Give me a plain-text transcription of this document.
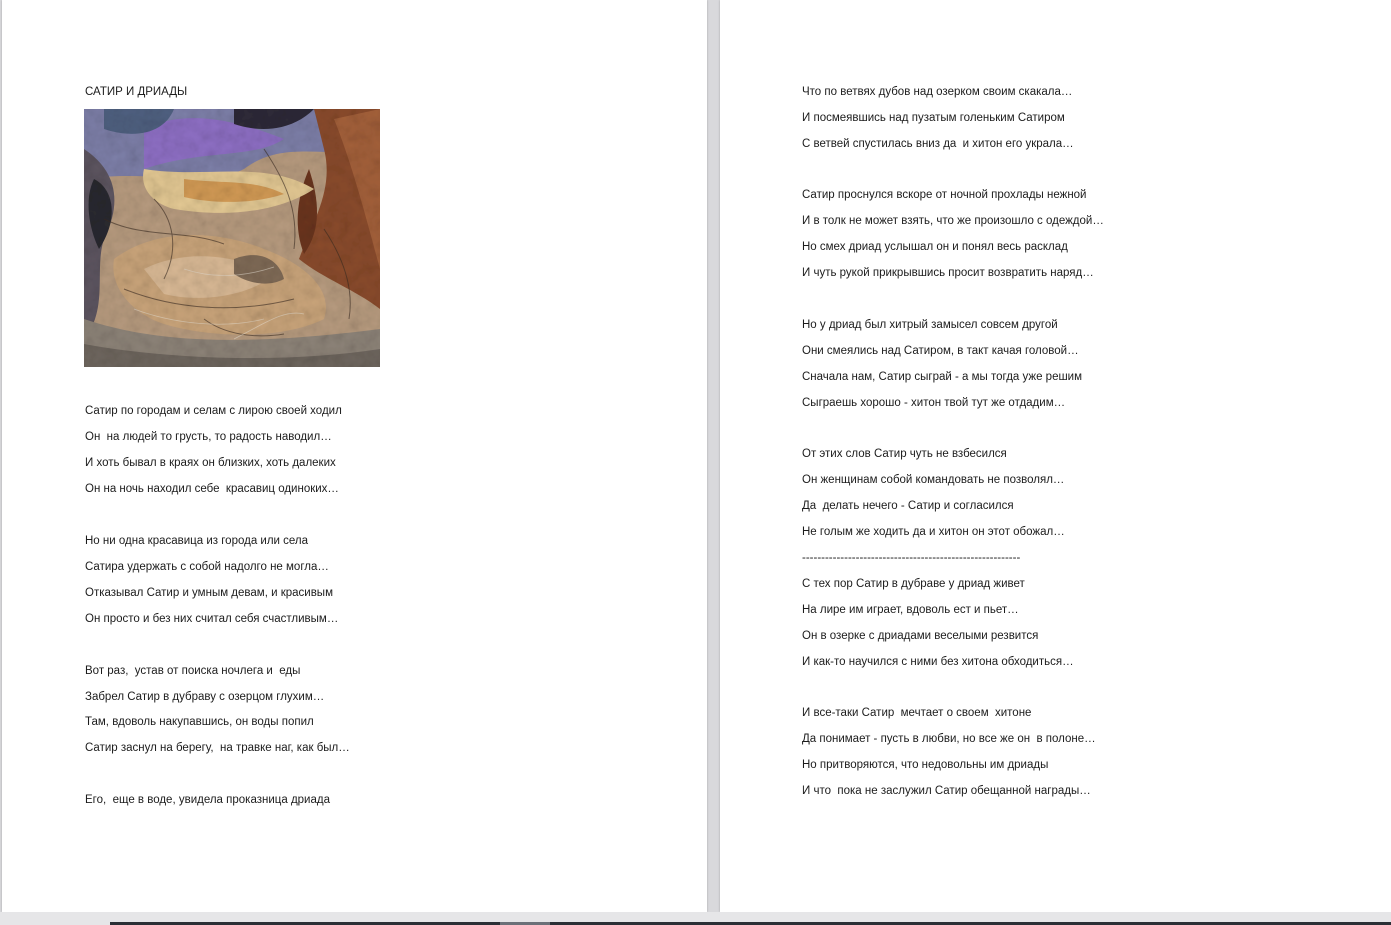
САТИР И ДРИАДЫ
Сатир по городам и селам с лирою своей ходил
Он  на людей то грусть, то радость наводил…
И хоть бывал в краях он близких, хоть далеких
Он на ночь находил себе  красавиц одиноких…
Но ни одна красавица из города или села
Сатира удержать с собой надолго не могла…
Отказывал Сатир и умным девам, и красивым
Он просто и без них считал себя счастливым…
Вот раз,  устав от поиска ночлега и  еды
Забрел Сатир в дубраву с озерцом глухим…
Там, вдоволь накупавшись, он воды попил
Сатир заснул на берегу,  на травке наг, как был…
Его,  еще в воде, увидела проказница дриада
Что по ветвях дубов над озерком своим скакала…
И посмеявшись над пузатым голеньким Сатиром
С ветвей спустилась вниз да  и хитон его украла…
Сатир проснулся вскоре от ночной прохлады нежной
И в толк не может взять, что же произошло с одеждой…
Но смех дриад услышал он и понял весь расклад
И чуть рукой прикрывшись просит возвратить наряд…
Но у дриад был хитрый замысел совсем другой
Они смеялись над Сатиром, в такт качая головой…
Сначала нам, Сатир сыграй - а мы тогда уже решим
Сыграешь хорошо - хитон твой тут же отдадим…
От этих слов Сатир чуть не взбесился
Он женщинам собой командовать не позволял…
Да  делать нечего - Сатир и согласился
Не голым же ходить да и хитон он этот обожал…
---------------------------------------------------------
С тех пор Сатир в дубраве у дриад живет
На лире им играет, вдоволь ест и пьет…
Он в озерке с дриадами веселыми резвится
И как-то научился с ними без хитона обходиться…
И все-таки Сатир  мечтает о своем  хитоне
Да понимает - пусть в любви, но все же он  в полоне…
Но притворяются, что недовольны им дриады
И что  пока не заслужил Сатир обещанной награды…
